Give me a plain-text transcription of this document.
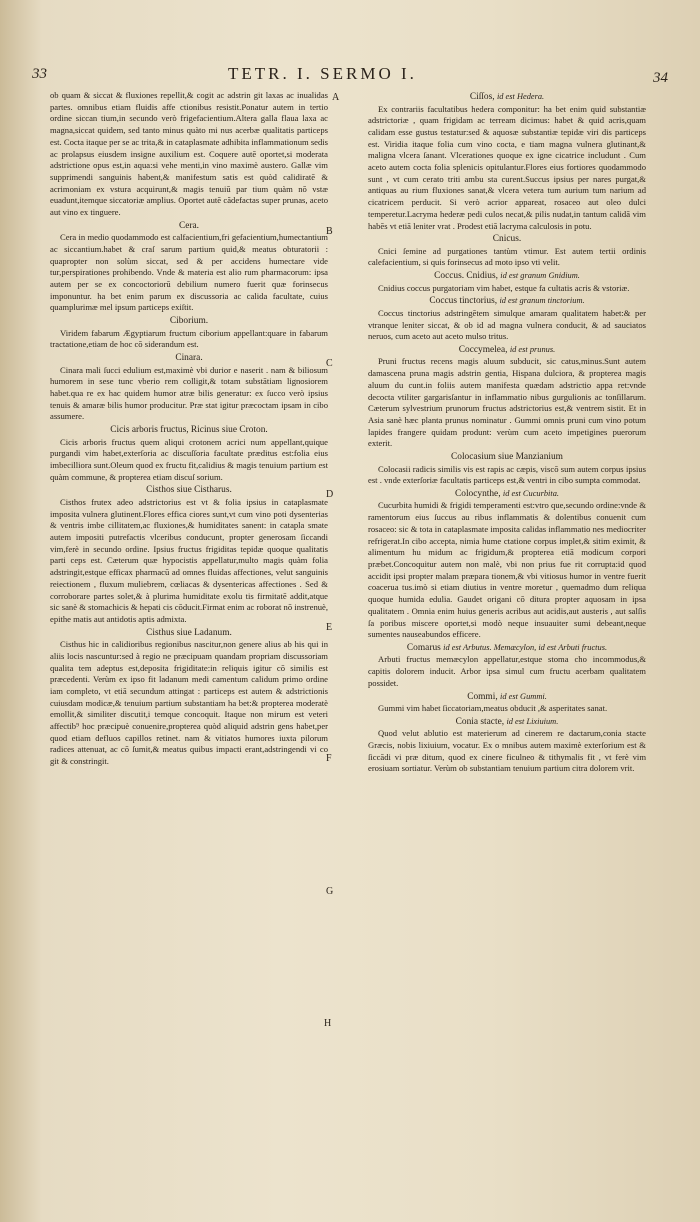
33	TETR. I. SERMO I.	34
A
B
C
D
E
F
G
H

ob quam & siccat & fluxiones repellit,& cogit ac adstrin git laxas ac inualidas partes. omnibus etiam fluidis affe ctionibus resistit.Ponatur autem in tertio ordine siccan tium,in secundo verò frigefacientium.Altera galla flaua laxa ac magna,siccat quidem, sed tanto minus quàto mi nus acerbæ qualitatis particeps est. Cocta itaque per se ac trita,& in cataplasmate adhibita inflammationum sedis ac prolapsus eiusdem insigne auxilium est. Coquere autē oportet,si moderata adstrictione opus est,in aqua:si vehe menti,in vino maximè austero. Gallæ vim supprimendi sanguinis habent,& manifestum satis est quòd calidiratē & acrimoniam ex vstura acquirunt,& magis tenuiū par tium quàm nō vstæ euadunt,itemque siccatoriæ amplius. Oportet autē cădefactas super prunas, aceto aut vino ex tinguere.

Cera.

Cera in medio quodammodo est calfacientium,fri gefacientium,humectantium ac siccantium.habet & craſ sarum partium quid,& meatus obturatorii : quapropter non solùm siccat, sed & per accidens humectare vide tur,perspirationes prohibendo. Vnde & materia est alio rum pharmacorum: ipsa autem per se ex concoctoriorū debilium numero fuerit quæ forinsecus imponuntur. ha bet enim parum ex discussoria ac calida facultate, cuius quamplurimæ mel ipsum particeps exiſtit.

Ciborium.

Viridem fabarum Ægyptiarum fructum ciborium appellant:quare in fabarum tractatione,etiam de hoc cō siderandum est.

Cinara.

Cinara mali ſucci edulium est,maximè vbi durior e naserit . nam & biliosum humorem in sese tunc vberio rem colligit,& totam substātiam lignosiorem habet.qua re ex hac quidem humor atræ bilis generatur: ex ſucco verò ipsius tenuis & amaræ bilis humor producitur. Præ stat igitur præcoctam ipsam in cibo assumere.

Cicis arboris fructus, Ricinus siue Croton.

Cicis arboris fructus quem aliqui crotonem acrici num appellant,quique purgandi vim habet,exterſoria ac discuſſoria facultate præditus est:folia eius imbecilliora sunt.Oleum quod ex fructu fit,calidius & magis tenuium partium est quàm commune, & propterea etiam discuſ sorium.

Cisthos siue Cistharus.

Cisthos frutex adeo adstrictorius est vt & folia ipsius in cataplasmate imposita vulnera glutinent.Flores effica ciores sunt,vt cum vino poti dysenterias & ventris imbe cillitatem,ac fluxiones,& humiditates sanent: in catapla smate autem impositi putrefactis vlceribus conducunt, propter generosam ſiccandi vim,ferè in secundo ordine. Ipsius fructus frigiditas tepidæ quoque qualitatis parti ceps est. Cæterum quæ hypocistis appellatur,multo magis quàm folia adstringit,estque efficax pharmacū ad omnes fluidas affectiones, velut sanguinis reiectionem , fluxum muliebrem, cœliacas & dysentericas affectiones . Sed & corroborare partes solet,& à plurima humiditate exolu tis firmitatē addit,atque sic sanè & stomachicis & hepati cis cōducit.Firmat enim ac roborat nō instrenuè, epithe matis aut antidotis aptis admixta.

Cisthus siue Ladanum.

Cisthus hic in calidioribus regionibus nascitur,non genere alius ab his qui in aliis locis nascuntur:sed à regio ne præcipuam quandam propriam discussoriam qualita tem adeptus est,deposita frigiditate:in reliquis igitur cō similis est præcedenti. Verùm ex ipso fit ladanum medi camentum calidum primo ordine iam completo, vt etiā secundum attingat : particeps est autem & adstrictionis cuiusdam modicæ,& tenuium partium substantiam ha bet:& propterea moderatè emollit,& similiter discutit,i temque concoquit. Itaque non mirum est veteri affectib⁹ hoc præcipuè conuenire,propterea quòd aliquid adstrin gens habet,per quod etiam defluos capillos retinet. nam & vitiatos humores iuxta pilorum radices attenuat, ac cō ſumit,& meatus quibus impacti erant,adstringendi vi co git & constringit.

Ciſſos, id est Hedera.

Ex contrariis facultatibus hedera componitur: ha bet enim quid substantiæ adstrictoriæ , quam frigidam ac terream dicimus: habet & quid acris,quam calidam esse gustus testatur:sed & aquosæ substantiæ tepidæ viri dis particeps est. Viridia itaque folia cum vino cocta, e tiam magna vulnera glutinant,& maligna vlcera ſanant. Vlcerationes quoque ex igne cicatrice includunt . Cum aceto autem cocta folia splenicis opitulantur.Flores eius fortiores quodammodo sunt , vt cum cerato triti ambu sta curent.Succus ipsius per nares purgat,& antiquas au rium fluxiones sanat,& vlcera vetera tum aurium tum narium ad cicatricem perducit. Si verò acrior appareat, rosaceo aut oleo dulci temperetur.Lacryma hederæ pedi culos necat,& pilis nudat,in tantum calidā vim habēs vt etiā leniter vrat . Prodest etiā lacryma calculosis in potu.

Cnicus.

Cnici ſemine ad purgationes tantùm vtimur. Est autem tertii ordinis calefacientium, si quis forinsecus ad moto ipso vti velit.

Coccus. Cnidius, id est granum Gnidium.

Cnidius coccus purgatoriam vim habet, estque fa cultatis acris & vstoriæ.

Coccus tinctorius, id est granum tinctorium.

Coccus tinctorius adstringētem simulque amaram qualitatem habet:& per vtranque leniter siccat, & ob id ad magna vulnera conducit, & ad sauciatos neruos, cum aceto aut aceto mulso tritus.

Coccymelea, id est prunus.

Pruni fructus recens magis aluum subducit, sic catus,minus.Sunt autem damascena pruna magis adstrin gentia, Hispana dulciora, & propterea magis aluum du cunt.in foliis autem manifesta quædam adstrictio appa ret:vnde decocta vtiliter gargarisſantur in inflammatio nibus gurgulionis ac tonſillarum. Cæterum sylvestrium prunorum fructus adstrictorius est,& ventrem sistit. Et in Asia sanè hæc planta prunus nominatur . Gummi omnis pruni cum vino potum lapides frangere quidam produnt: verùm cum aceto impetigines puerorum exterit.

Colocasium siue Manzianium

Colocasii radicis similis vis est rapis ac cæpis, viscō sum autem corpus ipsius est . vnde exterſoriæ facultatis particeps est,& ventri in cibo sumpta commodat.

Colocynthe, id est Cucurbita.

Cucurbita humidi & frigidi temperamenti est:vtro que,secundo ordine:vnde & ramentorum eius ſuccus au ribus inflammatis & dolentibus conuenit cum rosaceo: sic & tota in cataplasmate imposita calidas inflammatio nes mediocriter refrigerat.In cibo accepta, nimia hume ctatione corpus implet,& sitim eximit, & alimentum hu midum ac frigidum,& propterea etiā modicum corpori præbet.Concoquitur autem non malè, vbi non prius fue rit corrupta:id quod accidit ipsi propter malam præpara tionem,& vbi vitiosus humor in ventre fuerit coacerua tus.imò si etiam diutius in ventre moretur , quemadmo dum reliqua quoque humida edulia. Gaudet origani cō ditura propter aquosam in ipsa qualitatem . Omnia enim huius generis acribus aut acidis,aut austeris , aut salſis ſa poribus miscere oportet,si modò neque insuauiter sumi debeant,neque sumentes nauseabundos efficere.

Comarus id est Arbutus. Memæcylon, id est Arbuti fructus.

Arbuti fructus memæcylon appellatur,estque stoma cho incommodus,& capitis dolorem inducit. Arbor ipsa simul cum fructu acerbam qualitatem possidet.

Commi, id est Gummi.

Gummi vim habet ſiccatoriam,meatus obducit ,& asperitates sanat.

Conia stacte, id est Lixiuium.

Quod velut ablutio est materierum ad cinerem re dactarum,conia stacte Græcis, nobis lixiuium, vocatur. Ex o mnibus autem maximè exterſorium est & ſiccādi vi præ ditum, quod ex cinere ficulneo & tithymalis fit , vt ferè vim erosiuam sortiatur. Verùm ob substantiam tenuium partium citra dolorem vrit.
